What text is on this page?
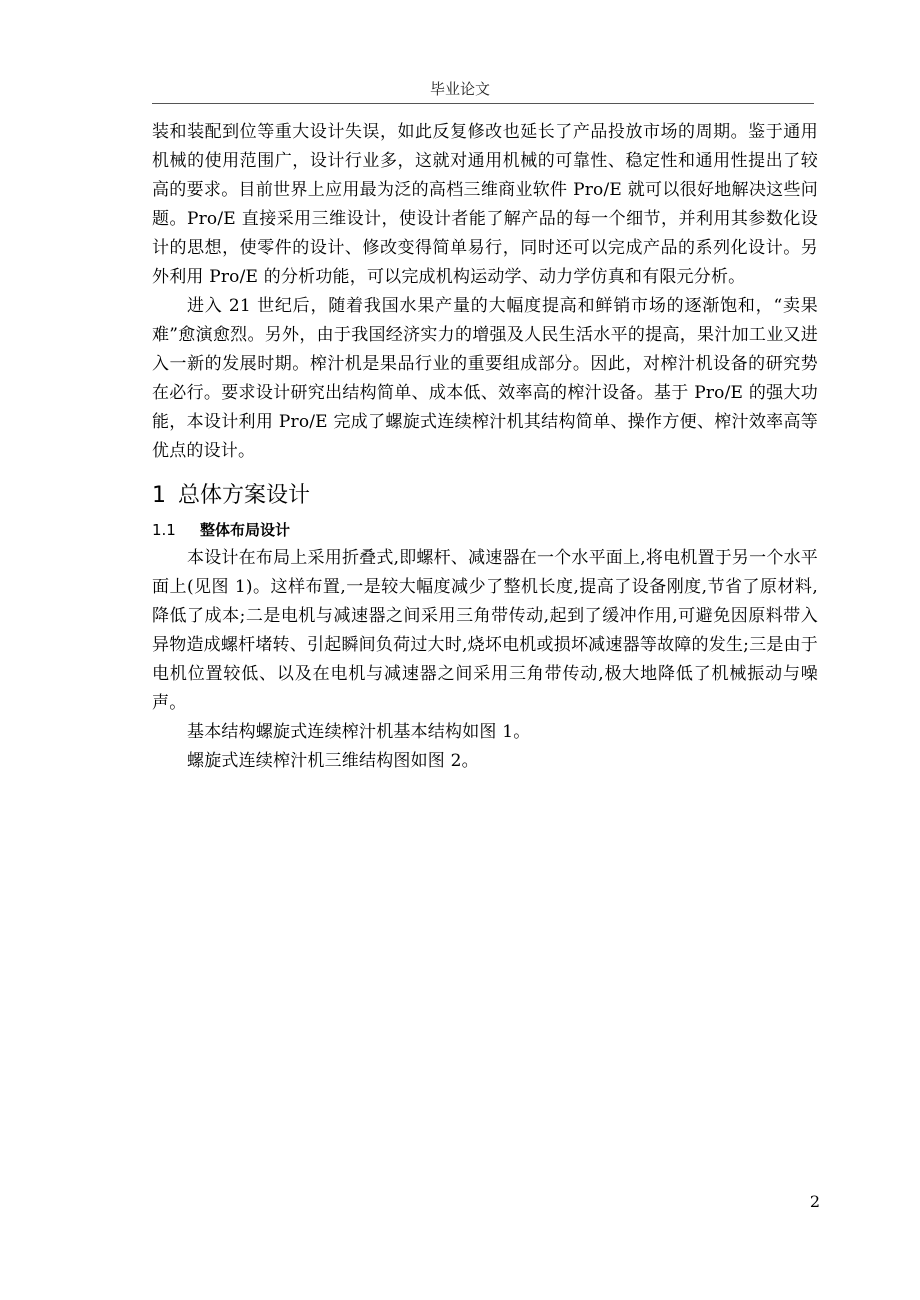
毕业论文

装和装配到位等重大设计失误，如此反复修改也延长了产品投放市场的周期。鉴于通用机械的使用范围广，设计行业多，这就对通用机械的可靠性、稳定性和通用性提出了较高的要求。目前世界上应用最为泛的高档三维商业软件 Pro/E 就可以很好地解决这些问题。Pro/E 直接采用三维设计，使设计者能了解产品的每一个细节，并利用其参数化设计的思想，使零件的设计、修改变得简单易行，同时还可以完成产品的系列化设计。另外利用 Pro/E 的分析功能，可以完成机构运动学、动力学仿真和有限元分析。

进入 21 世纪后，随着我国水果产量的大幅度提高和鲜销市场的逐渐饱和，“卖果难”愈演愈烈。另外，由于我国经济实力的增强及人民生活水平的提高，果汁加工业又进入一新的发展时期。榨汁机是果品行业的重要组成部分。因此，对榨汁机设备的研究势在必行。要求设计研究出结构简单、成本低、效率高的榨汁设备。基于 Pro/E 的强大功能，本设计利用 Pro/E 完成了螺旋式连续榨汁机其结构简单、操作方便、榨汁效率高等优点的设计。

1 总体方案设计
1.1 整体布局设计

本设计在布局上采用折叠式,即螺杆、减速器在一个水平面上,将电机置于另一个水平面上(见图 1)。这样布置,一是较大幅度减少了整机长度,提高了设备刚度,节省了原材料,降低了成本;二是电机与减速器之间采用三角带传动,起到了缓冲作用,可避免因原料带入异物造成螺杆堵转、引起瞬间负荷过大时,烧坏电机或损坏减速器等故障的发生;三是由于电机位置较低、以及在电机与减速器之间采用三角带传动,极大地降低了机械振动与噪声。

基本结构螺旋式连续榨汁机基本结构如图 1。

螺旋式连续榨汁机三维结构图如图 2。

2
